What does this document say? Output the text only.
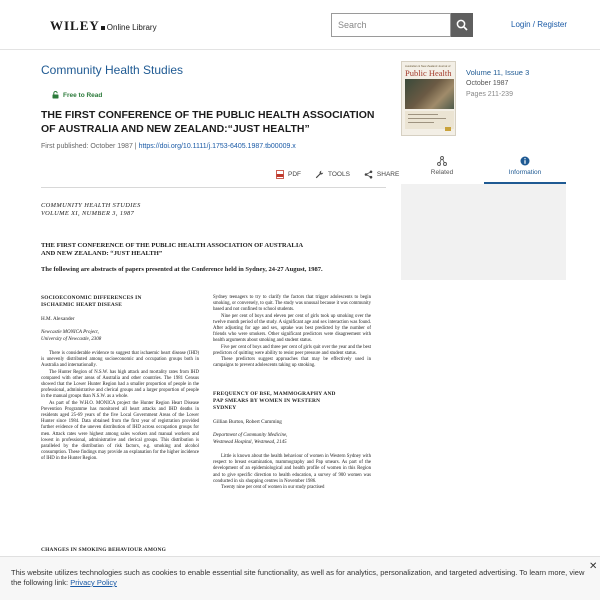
WILEY Online Library
Search	Login / Register
Community Health Studies
Free to Read
THE FIRST CONFERENCE OF THE PUBLIC HEALTH ASSOCIATION OF AUSTRALIA AND NEW ZEALAND:“JUST HEALTH”
First published: October 1987 | https://doi.org/10.1111/j.1753-6405.1987.tb00009.x
PDF	TOOLS	SHARE
COMMUNITY HEALTH STUDIES
VOLUME XI, NUMBER 3, 1987
THE FIRST CONFERENCE OF THE PUBLIC HEALTH ASSOCIATION OF AUSTRALIA
AND NEW ZEALAND: “JUST HEALTH”
The following are abstracts of papers presented at the Conference held in Sydney, 24-27 August, 1987.
SOCIOECONOMIC DIFFERENCES IN
ISCHAEMIC HEART DISEASE
H.M. Alexander
Newcastle MONICA Project,
University of Newcastle, 2308

There is considerable evidence to suggest that ischaemic heart disease (IHD) is unevenly distributed among socioeconomic and occupation groups both in Australia and internationally.

The Hunter Region of N.S.W. has high attack and mortality rates from IHD compared with other areas of Australia and other countries. The 1981 Census showed that the Lower Hunter Region had a smaller proportion of people in the professional, administrative and clerical groups and a larger proportion of people in the manual groups than N.S.W. as a whole.

As part of the W.H.O. MONICA project the Hunter Region Heart Disease Prevention Programme has monitored all heart attacks and IHD deaths in residents aged 25-69 years of the five Local Government Areas of the Lower Hunter since 1984. Data obtained from the first year of registration provided further evidence of the uneven distribution of IHD across occupation groups for men. Attack rates were highest among sales workers and manual workers and lowest in professional, administrative and clerical groups. This distribution is paralleled by the distribution of risk factors, e.g. smoking and alcohol consumption. These findings may provide an explanation for the higher incidence of IHD in the Hunter Region.

CHANGES IN SMOKING BEHAVIOUR AMONG

Sydney teenagers to try to clarify the factors that trigger adolescents to begin smoking, or conversely, to quit. The study was unusual because it was community based and not confined to school students.

Nine per cent of boys and eleven per cent of girls took up smoking over the twelve month period of the study. A significant age and sex interaction was found. After adjusting for age and sex, uptake was best predicted by the number of friends who were smokers. Other significant predictors were disagreement with health arguments about smoking and student status.

Five per cent of boys and three per cent of girls quit over the year and the best predictors of quitting were ability to resist peer pressure and student status.

These predictors suggest approaches that may be effectively used in campaigns to prevent adolescents taking up smoking.

FREQUENCY OF BSE, MAMMOGRAPHY AND
PAP SMEARS BY WOMEN IN WESTERN
SYDNEY
Gillian Burton, Robert Cumming
Department of Community Medicine,
Westmead Hospital, Westmead, 2145

Little is known about the health behaviour of women in Western Sydney with respect to breast examination, mammography and Pap smears. As part of the development of an epidemiological and health profile of women in this Region and to give specific direction to health education, a survey of 900 women was conducted in six shopping centres in November 1986.

Twenty nine per cent of women in our study practised

Australian & New Zealand Journal of
Public Health Volume 11, Issue 3
October 1987
Pages 211-239
Related	Information
This website utilizes technologies such as cookies to enable essential site functionality, as well as for analytics, personalization, and targeted advertising. To learn more, view the following link: Privacy Policy
✕
